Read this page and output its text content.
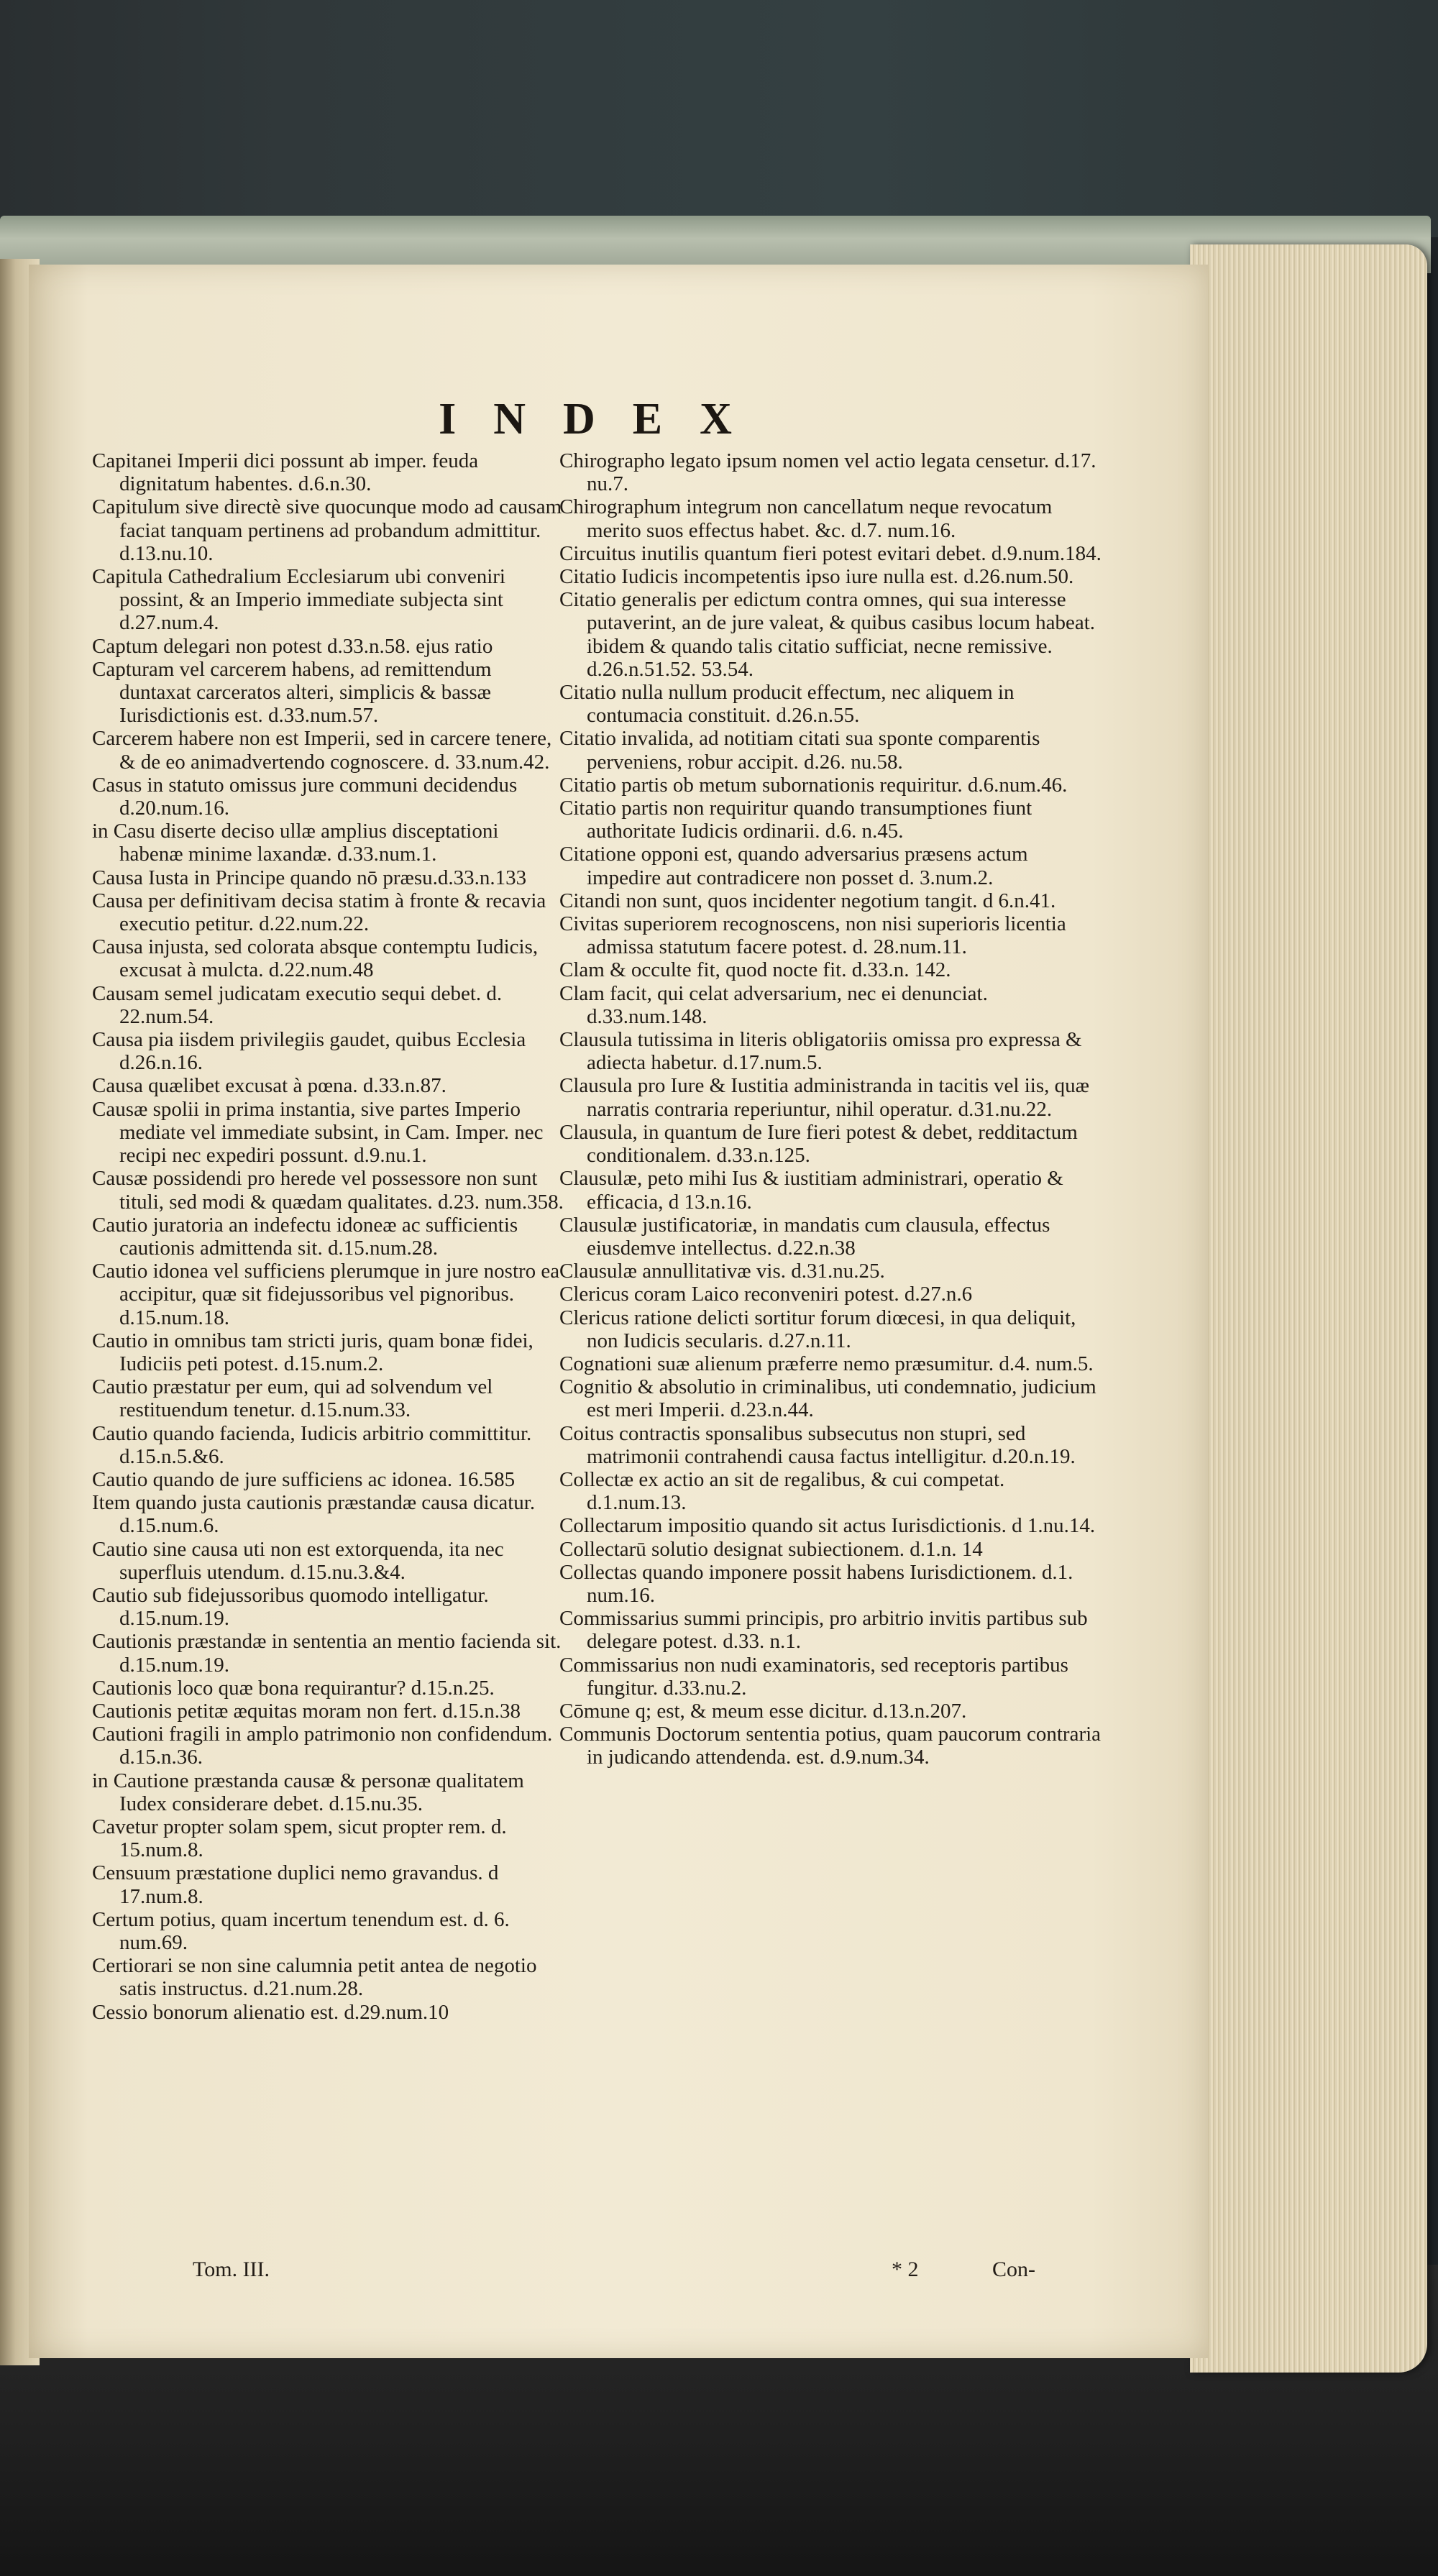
INDEX

Capitanei Imperii dici possunt ab imper. feuda dignitatum habentes. d.6.n.30.

Capitulum sive directè sive quocunque modo ad causam faciat tanquam pertinens ad probandum admittitur. d.13.nu.10.

Capitula Cathedralium Ecclesiarum ubi conveniri possint, & an Imperio immediate subjecta sint d.27.num.4.

Captum delegari non potest d.33.n.58. ejus ratio

Capturam vel carcerem habens, ad remittendum duntaxat carceratos alteri, simplicis & bassæ Iurisdictionis est. d.33.num.57.

Carcerem habere non est Imperii, sed in carcere tenere, & de eo animadvertendo cognoscere. d. 33.num.42.

Casus in statuto omissus jure communi decidendus d.20.num.16.

in Casu diserte deciso ullæ amplius disceptationi habenæ minime laxandæ. d.33.num.1.

Causa Iusta in Principe quando nō præsu.d.33.n.133

Causa per definitivam decisa statim à fronte & recavia executio petitur. d.22.num.22.

Causa injusta, sed colorata absque contemptu Iudicis, excusat à mulcta. d.22.num.48

Causam semel judicatam executio sequi debet. d. 22.num.54.

Causa pia iisdem privilegiis gaudet, quibus Ecclesia d.26.n.16.

Causa quælibet excusat à pœna. d.33.n.87.

Causæ spolii in prima instantia, sive partes Imperio mediate vel immediate subsint, in Cam. Imper. nec recipi nec expediri possunt. d.9.nu.1.

Causæ possidendi pro herede vel possessore non sunt tituli, sed modi & quædam qualitates. d.23. num.358.

Cautio juratoria an indefectu idoneæ ac sufficientis cautionis admittenda sit. d.15.num.28.

Cautio idonea vel sufficiens plerumque in jure nostro ea accipitur, quæ sit fidejussoribus vel pignoribus. d.15.num.18.

Cautio in omnibus tam stricti juris, quam bonæ fidei, Iudiciis peti potest. d.15.num.2.

Cautio præstatur per eum, qui ad solvendum vel restituendum tenetur. d.15.num.33.

Cautio quando facienda, Iudicis arbitrio committitur. d.15.n.5.&6.

Cautio quando de jure sufficiens ac idonea. 16.585

Item quando justa cautionis præstandæ causa dicatur. d.15.num.6.

Cautio sine causa uti non est extorquenda, ita nec superfluis utendum. d.15.nu.3.&4.

Cautio sub fidejussoribus quomodo intelligatur. d.15.num.19.

Cautionis præstandæ in sententia an mentio facienda sit. d.15.num.19.

Cautionis loco quæ bona requirantur? d.15.n.25.

Cautionis petitæ æquitas moram non fert. d.15.n.38

Cautioni fragili in amplo patrimonio non confidendum. d.15.n.36.

in Cautione præstanda causæ & personæ qualitatem Iudex considerare debet. d.15.nu.35.

Cavetur propter solam spem, sicut propter rem. d. 15.num.8.

Censuum præstatione duplici nemo gravandus. d 17.num.8.

Certum potius, quam incertum tenendum est. d. 6. num.69.

Certiorari se non sine calumnia petit antea de negotio satis instructus. d.21.num.28.

Cessio bonorum alienatio est. d.29.num.10

Chirographo legato ipsum nomen vel actio legata censetur. d.17. nu.7.

Chirographum integrum non cancellatum neque revocatum merito suos effectus habet. &c. d.7. num.16.

Circuitus inutilis quantum fieri potest evitari debet. d.9.num.184.

Citatio Iudicis incompetentis ipso iure nulla est. d.26.num.50.

Citatio generalis per edictum contra omnes, qui sua interesse putaverint, an de jure valeat, & quibus casibus locum habeat. ibidem & quando talis citatio sufficiat, necne remissive. d.26.n.51.52. 53.54.

Citatio nulla nullum producit effectum, nec aliquem in contumacia constituit. d.26.n.55.

Citatio invalida, ad notitiam citati sua sponte comparentis perveniens, robur accipit. d.26. nu.58.

Citatio partis ob metum subornationis requiritur. d.6.num.46.

Citatio partis non requiritur quando transumptiones fiunt authoritate Iudicis ordinarii. d.6. n.45.

Citatione opponi est, quando adversarius præsens actum impedire aut contradicere non posset d. 3.num.2.

Citandi non sunt, quos incidenter negotium tangit. d 6.n.41.

Civitas superiorem recognoscens, non nisi superioris licentia admissa statutum facere potest. d. 28.num.11.

Clam & occulte fit, quod nocte fit. d.33.n. 142.

Clam facit, qui celat adversarium, nec ei denunciat. d.33.num.148.

Clausula tutissima in literis obligatoriis omissa pro expressa & adiecta habetur. d.17.num.5.

Clausula pro Iure & Iustitia administranda in tacitis vel iis, quæ narratis contraria reperiuntur, nihil operatur. d.31.nu.22.

Clausula, in quantum de Iure fieri potest & debet, redditactum conditionalem. d.33.n.125.

Clausulæ, peto mihi Ius & iustitiam administrari, operatio & efficacia, d 13.n.16.

Clausulæ justificatoriæ, in mandatis cum clausula, effectus eiusdemve intellectus. d.22.n.38

Clausulæ annullitativæ vis. d.31.nu.25.

Clericus coram Laico reconveniri potest. d.27.n.6

Clericus ratione delicti sortitur forum diœcesi, in qua deliquit, non Iudicis secularis. d.27.n.11.

Cognationi suæ alienum præferre nemo præsumitur. d.4. num.5.

Cognitio & absolutio in criminalibus, uti condemnatio, judicium est meri Imperii. d.23.n.44.

Coitus contractis sponsalibus subsecutus non stupri, sed matrimonii contrahendi causa factus intelligitur. d.20.n.19.

Collectæ ex actio an sit de regalibus, & cui competat. d.1.num.13.

Collectarum impositio quando sit actus Iurisdictionis. d 1.nu.14.

Collectarū solutio designat subiectionem. d.1.n. 14

Collectas quando imponere possit habens Iurisdictionem. d.1. num.16.

Commissarius summi principis, pro arbitrio invitis partibus sub delegare potest. d.33. n.1.

Commissarius non nudi examinatoris, sed receptoris partibus fungitur. d.33.nu.2.

Cōmune q; est, & meum esse dicitur. d.13.n.207.

Communis Doctorum sententia potius, quam paucorum contraria in judicando attendenda. est. d.9.num.34.

Tom. III.	* 2	Con-
